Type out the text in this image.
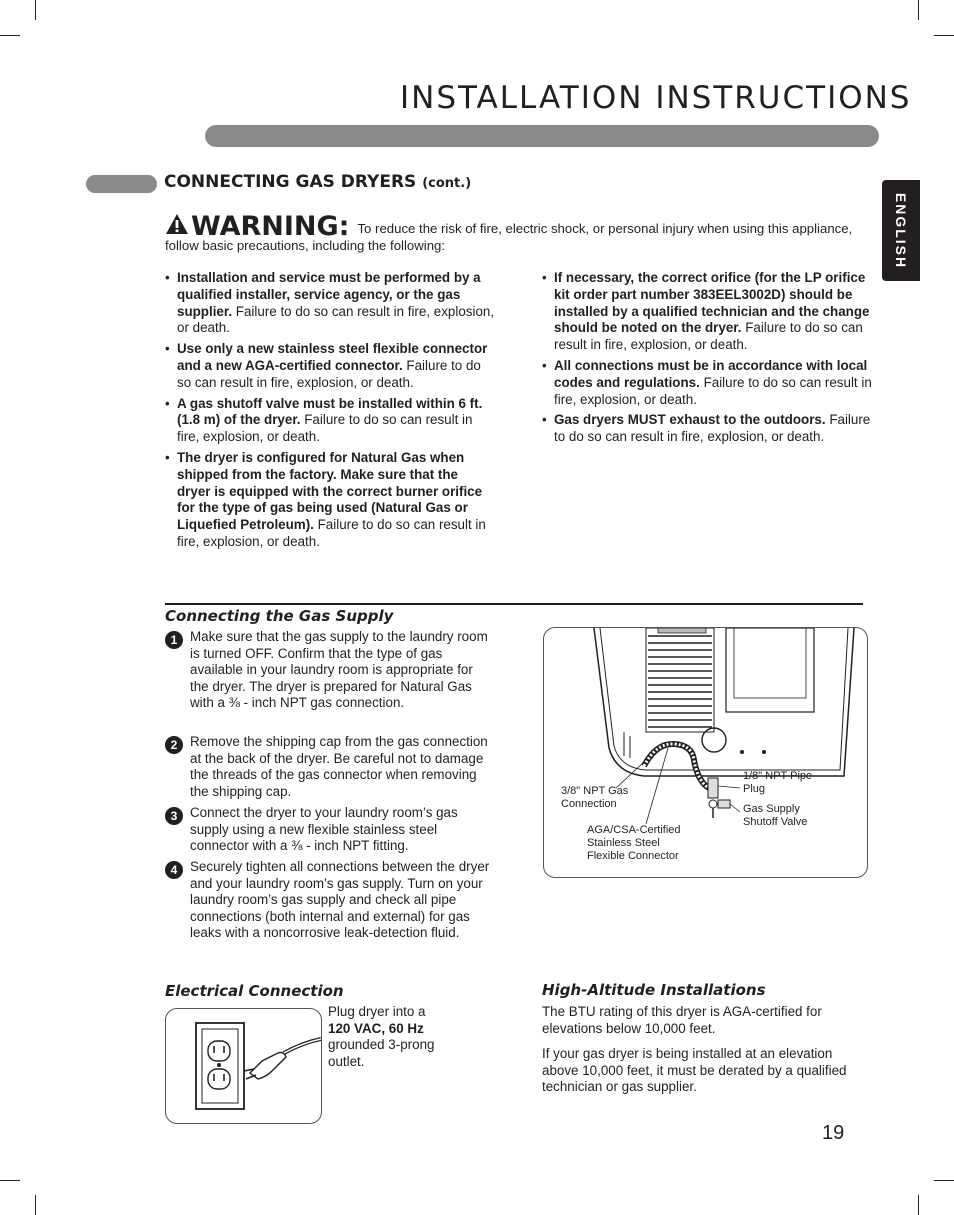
INSTALLATION INSTRUCTIONS
CONNECTING GAS DRYERS (cont.)
ENGLISH
WARNING: To reduce the risk of fire, electric shock, or personal injury when using this appliance, follow basic precautions, including the following:
• Installation and service must be performed by a qualified installer, service agency, or the gas supplier. Failure to do so can result in fire, explosion, or death.
• Use only a new stainless steel flexible connector and a new AGA-certified connector. Failure to do so can result in fire, explosion, or death.
• A gas shutoff valve must be installed within 6 ft. (1.8 m) of the dryer. Failure to do so can result in fire, explosion, or death.
• The dryer is configured for Natural Gas when shipped from the factory. Make sure that the dryer is equipped with the correct burner orifice for the type of gas being used (Natural Gas or Liquefied Petroleum). Failure to do so can result in fire, explosion, or death.
• If necessary, the correct orifice (for the LP orifice kit order part number 383EEL3002D) should be installed by a qualified technician and the change should be noted on the dryer. Failure to do so can result in fire, explosion, or death.
• All connections must be in accordance with local codes and regulations. Failure to do so can result in fire, explosion, or death.
• Gas dryers MUST exhaust to the outdoors. Failure to do so can result in fire, explosion, or death.
Connecting the Gas Supply
1 Make sure that the gas supply to the laundry room is turned OFF. Confirm that the type of gas available in your laundry room is appropriate for the dryer. The dryer is prepared for Natural Gas with a ⅜ - inch NPT gas connection.
2 Remove the shipping cap from the gas connection at the back of the dryer. Be careful not to damage the threads of the gas connector when removing the shipping cap.
3 Connect the dryer to your laundry room’s gas supply using a new flexible stainless steel connector with a ⅜ - inch NPT fitting.
4 Securely tighten all connections between the dryer and your laundry room’s gas supply. Turn on your laundry room’s gas supply and check all pipe connections (both internal and external) for gas leaks with a noncorrosive leak-detection fluid.
3/8" NPT Gas
Connection
AGA/CSA-Certified
Stainless Steel
Flexible Connector
1/8" NPT Pipe
Plug
Gas Supply
Shutoff Valve
Electrical Connection
Plug dryer into a
120 VAC, 60 Hz
grounded 3-prong
outlet.
High-Altitude Installations
The BTU rating of this dryer is AGA-certified for elevations below 10,000 feet.
If your gas dryer is being installed at an elevation above 10,000 feet, it must be derated by a qualified technician or gas supplier.
19
